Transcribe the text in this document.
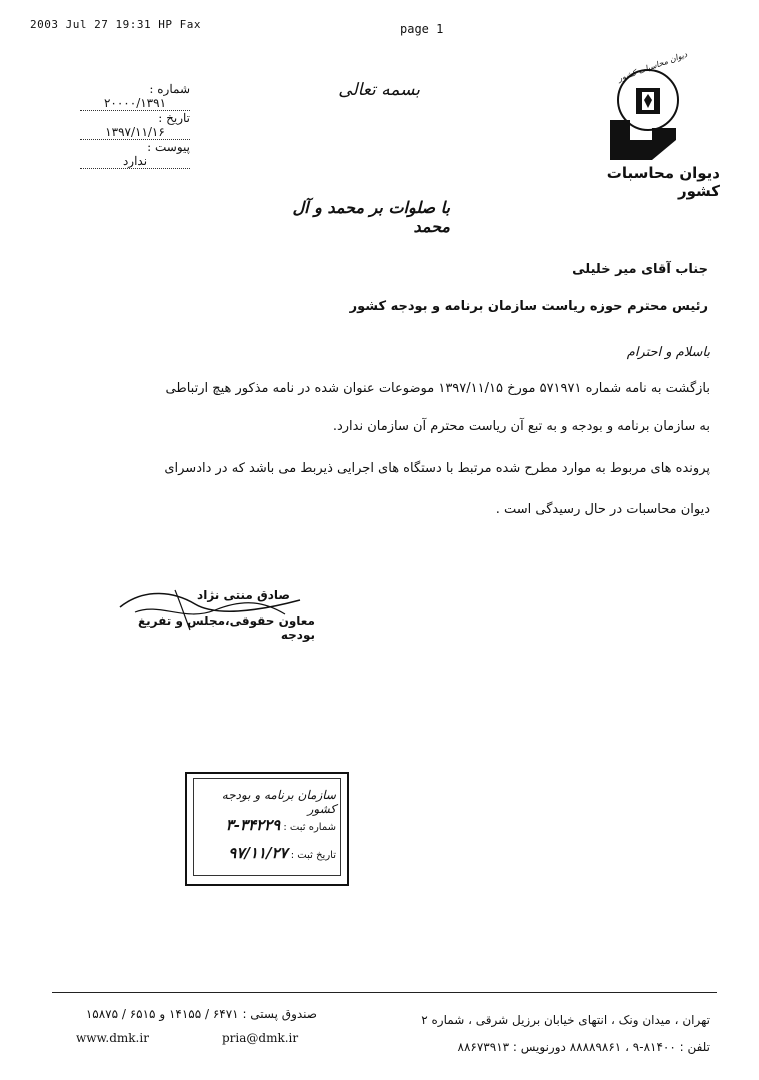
2003 Jul 27 19:31 HP Fax	page 1
شماره : ۲۰۰۰۰/۱۳۹۱
تاریخ : ۱۳۹۷/۱۱/۱۶
پیوست : ندارد
بسمه تعالی
دیوان محاسبات کشور
دیوان محاسبات کشور
با صلوات بر محمد و آل محمد
جناب آقای میر خلیلی
رئیس محترم حوزه ریاست سازمان برنامه و بودجه کشور
باسلام و احترام
بازگشت به نامه شماره ۵۷۱۹۷۱ مورخ ۱۳۹۷/۱۱/۱۵ موضوعات عنوان شده در نامه مذکور هیچ ارتباطی
به سازمان برنامه و بودجه و به تبع آن ریاست محترم آن سازمان ندارد.
پرونده های مربوط به موارد مطرح شده مرتبط با دستگاه های اجرایی ذیربط می باشد که در دادسرای
دیوان محاسبات در حال رسیدگی است .
صادق منتی نژاد
معاون حقوقی،مجلس و تفریغ بودجه
سازمان برنامه و بودجه کشور
شماره ثبت : ۳۴۲۲۹-۳
تاریخ ثبت : ۹۷/۱۱/۲۷
تهران ، میدان ونک ، انتهای خیابان برزیل شرقی ، شماره ۲
تلفن : ۸۱۴۰۰-۹ ، ۸۸۸۸۹۸۶۱ دورنویس : ۸۸۶۷۳۹۱۳
صندوق پستی : ۶۴۷۱ / ۱۴۱۵۵ و ۶۵۱۵ / ۱۵۸۷۵
pria@dmk.ir
www.dmk.ir
